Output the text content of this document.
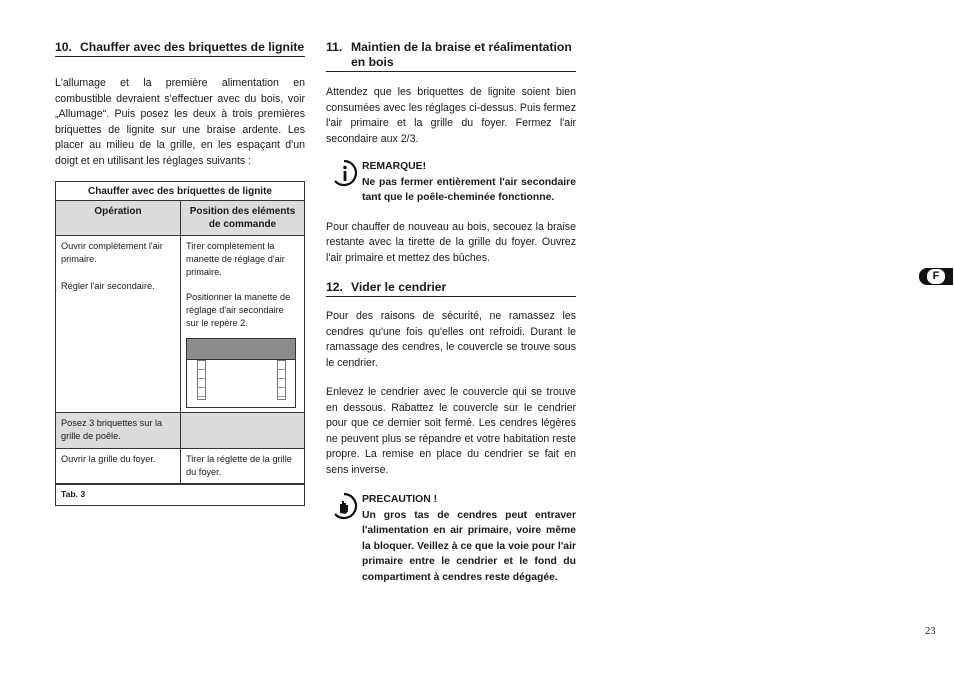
10. Chauffer avec des briquettes de lignite

L'allumage et la première alimentation en combustible devraient s'effectuer avec du bois, voir „Allumage“. Puis posez les deux à trois premières briquettes de lignite sur une braise ardente. Les placer au milieu de la grille, en les espaçant d'un doigt et en utilisant les réglages suivants :

Chauffer avec des briquettes de lignite
Opération	Position des eléments de commande
Ouvrir complètement l'air primaire.
Régler l'air secondaire.
Tirer complètement la manette de réglage d'air primaire.
Positionner la manette de réglage d'air secondaire sur le repère 2.
Posez 3 briquettes sur la grille de poêle.
Ouvrir la grille du foyer.	Tirer la réglette de la grille du foyer.
Tab. 3
11. Maintien de la braise et réalimentation en bois

Attendez que les briquettes de lignite soient bien consumées avec les réglages ci-dessus. Puis fermez l'air primaire et la grille du foyer. Fermez l'air secondaire aux 2/3.

REMARQUE!
Ne pas fermer entièrement l'air secondaire tant que le poêle-cheminée fonctionne.

Pour chauffer de nouveau au bois, secouez la braise restante avec la tirette de la grille du foyer. Ouvrez l'air primaire et mettez des bûches.

12. Vider le cendrier

Pour des raisons de sécurité, ne ramassez les cendres qu'une fois qu'elles ont refroidi. Durant le ramassage des cendres, le couvercle se trouve sous le cendrier.

Enlevez le cendrier avec le couvercle qui se trouve en dessous. Rabattez le couvercle sur le cendrier pour que ce dernier soit fermé. Les cendres légères ne peuvent plus se répandre et votre habitation reste propre. La remise en place du cendrier se fait en sens inverse.

PRECAUTION !
Un gros tas de cendres peut entraver l'alimentation en air primaire, voire même la bloquer. Veillez à ce que la voie pour l'air primaire entre le cendrier et le fond du compartiment à cendres reste dégagée.
F
23
